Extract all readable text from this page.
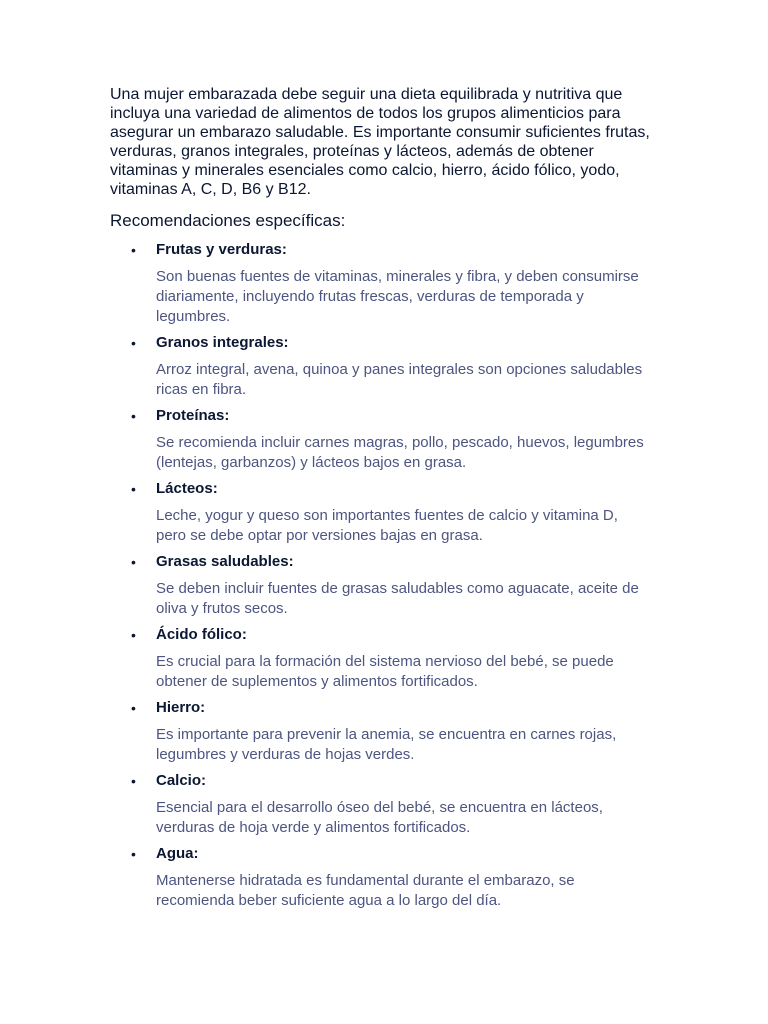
Una mujer embarazada debe seguir una dieta equilibrada y nutritiva que incluya una variedad de alimentos de todos los grupos alimenticios para asegurar un embarazo saludable. Es importante consumir suficientes frutas, verduras, granos integrales, proteínas y lácteos, además de obtener vitaminas y minerales esenciales como calcio, hierro, ácido fólico, yodo, vitaminas A, C, D, B6 y B12.

Recomendaciones específicas:

• Frutas y verduras:
Son buenas fuentes de vitaminas, minerales y fibra, y deben consumirse diariamente, incluyendo frutas frescas, verduras de temporada y legumbres.
• Granos integrales:
Arroz integral, avena, quinoa y panes integrales son opciones saludables ricas en fibra.
• Proteínas:
Se recomienda incluir carnes magras, pollo, pescado, huevos, legumbres (lentejas, garbanzos) y lácteos bajos en grasa.
• Lácteos:
Leche, yogur y queso son importantes fuentes de calcio y vitamina D, pero se debe optar por versiones bajas en grasa.
• Grasas saludables:
Se deben incluir fuentes de grasas saludables como aguacate, aceite de oliva y frutos secos.
• Ácido fólico:
Es crucial para la formación del sistema nervioso del bebé, se puede obtener de suplementos y alimentos fortificados.
• Hierro:
Es importante para prevenir la anemia, se encuentra en carnes rojas, legumbres y verduras de hojas verdes.
• Calcio:
Esencial para el desarrollo óseo del bebé, se encuentra en lácteos, verduras de hoja verde y alimentos fortificados.
• Agua:
Mantenerse hidratada es fundamental durante el embarazo, se recomienda beber suficiente agua a lo largo del día.
